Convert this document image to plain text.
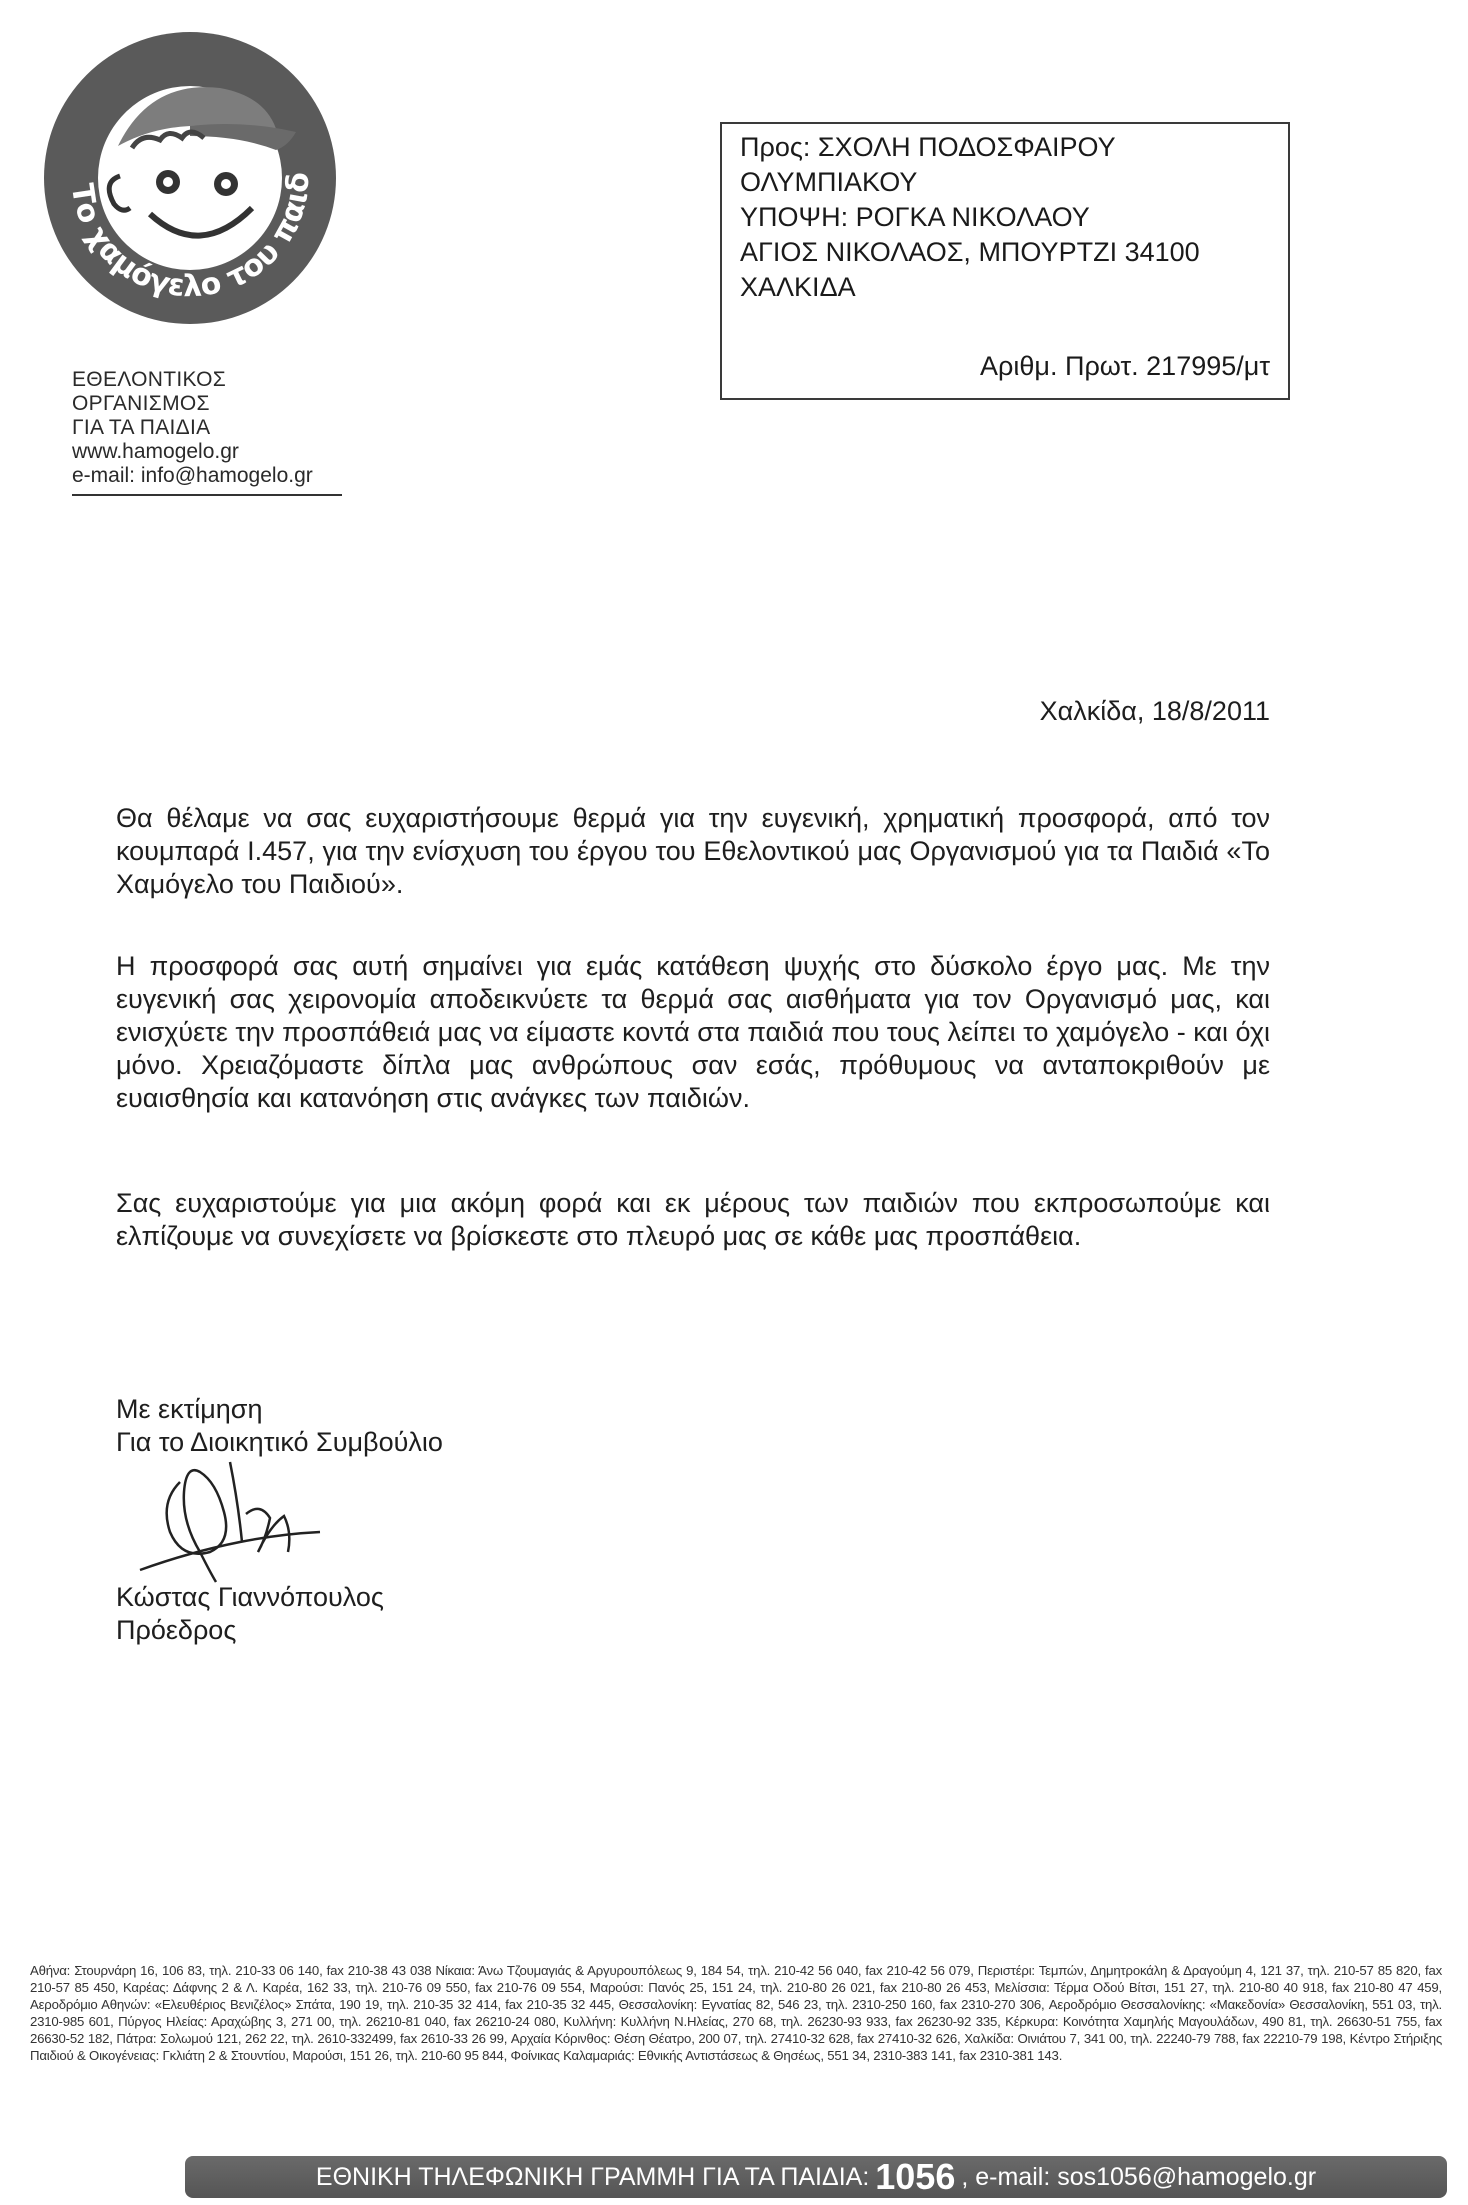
Το χαμόγελο του παιδ
ΕΘΕΛΟΝΤΙΚΟΣ ΟΡΓΑΝΙΣΜΟΣ
ΓΙΑ ΤΑ ΠΑΙΔΙΑ
www.hamogelo.gr
e-mail: info@hamogelo.gr
Προς: ΣΧΟΛΗ ΠΟΔΟΣΦΑΙΡΟΥ
ΟΛΥΜΠΙΑΚΟΥ
ΥΠΟΨΗ: ΡΟΓΚΑ ΝΙΚΟΛΑΟΥ
ΑΓΙΟΣ ΝΙΚΟΛΑΟΣ, ΜΠΟΥΡΤΖΙ 34100
ΧΑΛΚΙΔΑ
Αριθμ. Πρωτ. 217995/μτ
Χαλκίδα, 18/8/2011
Θα θέλαμε να σας ευχαριστήσουμε θερμά για την ευγενική, χρηματική προσφορά, από τον κουμπαρά Ι.457, για την ενίσχυση του έργου του Εθελοντικού μας Οργανισμού για τα Παιδιά «Το Χαμόγελο του Παιδιού».
Η προσφορά σας αυτή σημαίνει για εμάς κατάθεση ψυχής στο δύσκολο έργο μας. Με την ευγενική σας χειρονομία αποδεικνύετε τα θερμά σας αισθήματα για τον Οργανισμό μας, και ενισχύετε την προσπάθειά μας να είμαστε κοντά στα παιδιά που τους λείπει το χαμόγελο - και όχι μόνο. Χρειαζόμαστε δίπλα μας ανθρώπους σαν εσάς, πρόθυμους να ανταποκριθούν με ευαισθησία και κατανόηση στις ανάγκες των παιδιών.
Σας ευχαριστούμε για μια ακόμη φορά και εκ μέρους των παιδιών που εκπροσωπούμε και ελπίζουμε να συνεχίσετε να βρίσκεστε στο πλευρό μας σε κάθε μας προσπάθεια.
Με εκτίμηση
Για το Διοικητικό Συμβούλιο
Κώστας Γιαννόπουλος
Πρόεδρος
Αθήνα: Στουρνάρη 16, 106 83, τηλ. 210-33 06 140, fax 210-38 43 038 Νίκαια: Άνω Τζουμαγιάς & Αργυρουπόλεως 9, 184 54, τηλ. 210-42 56 040, fax 210-42 56 079, Περιστέρι: Τεμπών, Δημητροκάλη & Δραγούμη 4, 121 37, τηλ. 210-57 85 820, fax 210-57 85 450, Καρέας: Δάφνης 2 & Λ. Καρέα, 162 33, τηλ. 210-76 09 550, fax 210-76 09 554, Μαρούσι: Πανός 25, 151 24, τηλ. 210-80 26 021, fax 210-80 26 453, Μελίσσια: Τέρμα Οδού Βίτσι, 151 27, τηλ. 210-80 40 918, fax 210-80 47 459, Αεροδρόμιο Αθηνών: «Ελευθέριος Βενιζέλος» Σπάτα, 190 19, τηλ. 210-35 32 414, fax 210-35 32 445, Θεσσαλονίκη: Εγνατίας 82, 546 23, τηλ. 2310-250 160, fax 2310-270 306, Αεροδρόμιο Θεσσαλονίκης: «Μακεδονία» Θεσσαλονίκη, 551 03, τηλ. 2310-985 601, Πύργος Ηλείας: Αραχώβης 3, 271 00, τηλ. 26210-81 040, fax 26210-24 080, Κυλλήνη: Κυλλήνη Ν.Ηλείας, 270 68, τηλ. 26230-93 933, fax 26230-92 335, Κέρκυρα: Κοινότητα Χαμηλής Μαγουλάδων, 490 81, τηλ. 26630-51 755, fax 26630-52 182, Πάτρα: Σολωμού 121, 262 22, τηλ. 2610-332499, fax 2610-33 26 99, Αρχαία Κόρινθος: Θέση Θέατρο, 200 07, τηλ. 27410-32 628, fax 27410-32 626, Χαλκίδα: Οινιάτου 7, 341 00, τηλ. 22240-79 788, fax 22210-79 198, Κέντρο Στήριξης Παιδιού & Οικογένειας: Γκλιάτη 2 & Στουντίου, Μαρούσι, 151 26, τηλ. 210-60 95 844, Φοίνικας Καλαμαριάς: Εθνικής Αντιστάσεως & Θησέως, 551 34, 2310-383 141, fax 2310-381 143.
ΕΘΝΙΚΗ ΤΗΛΕΦΩΝΙΚΗ ΓΡΑΜΜΗ ΓΙΑ ΤΑ ΠΑΙΔΙΑ: 1056 , e-mail: sos1056@hamogelo.gr
